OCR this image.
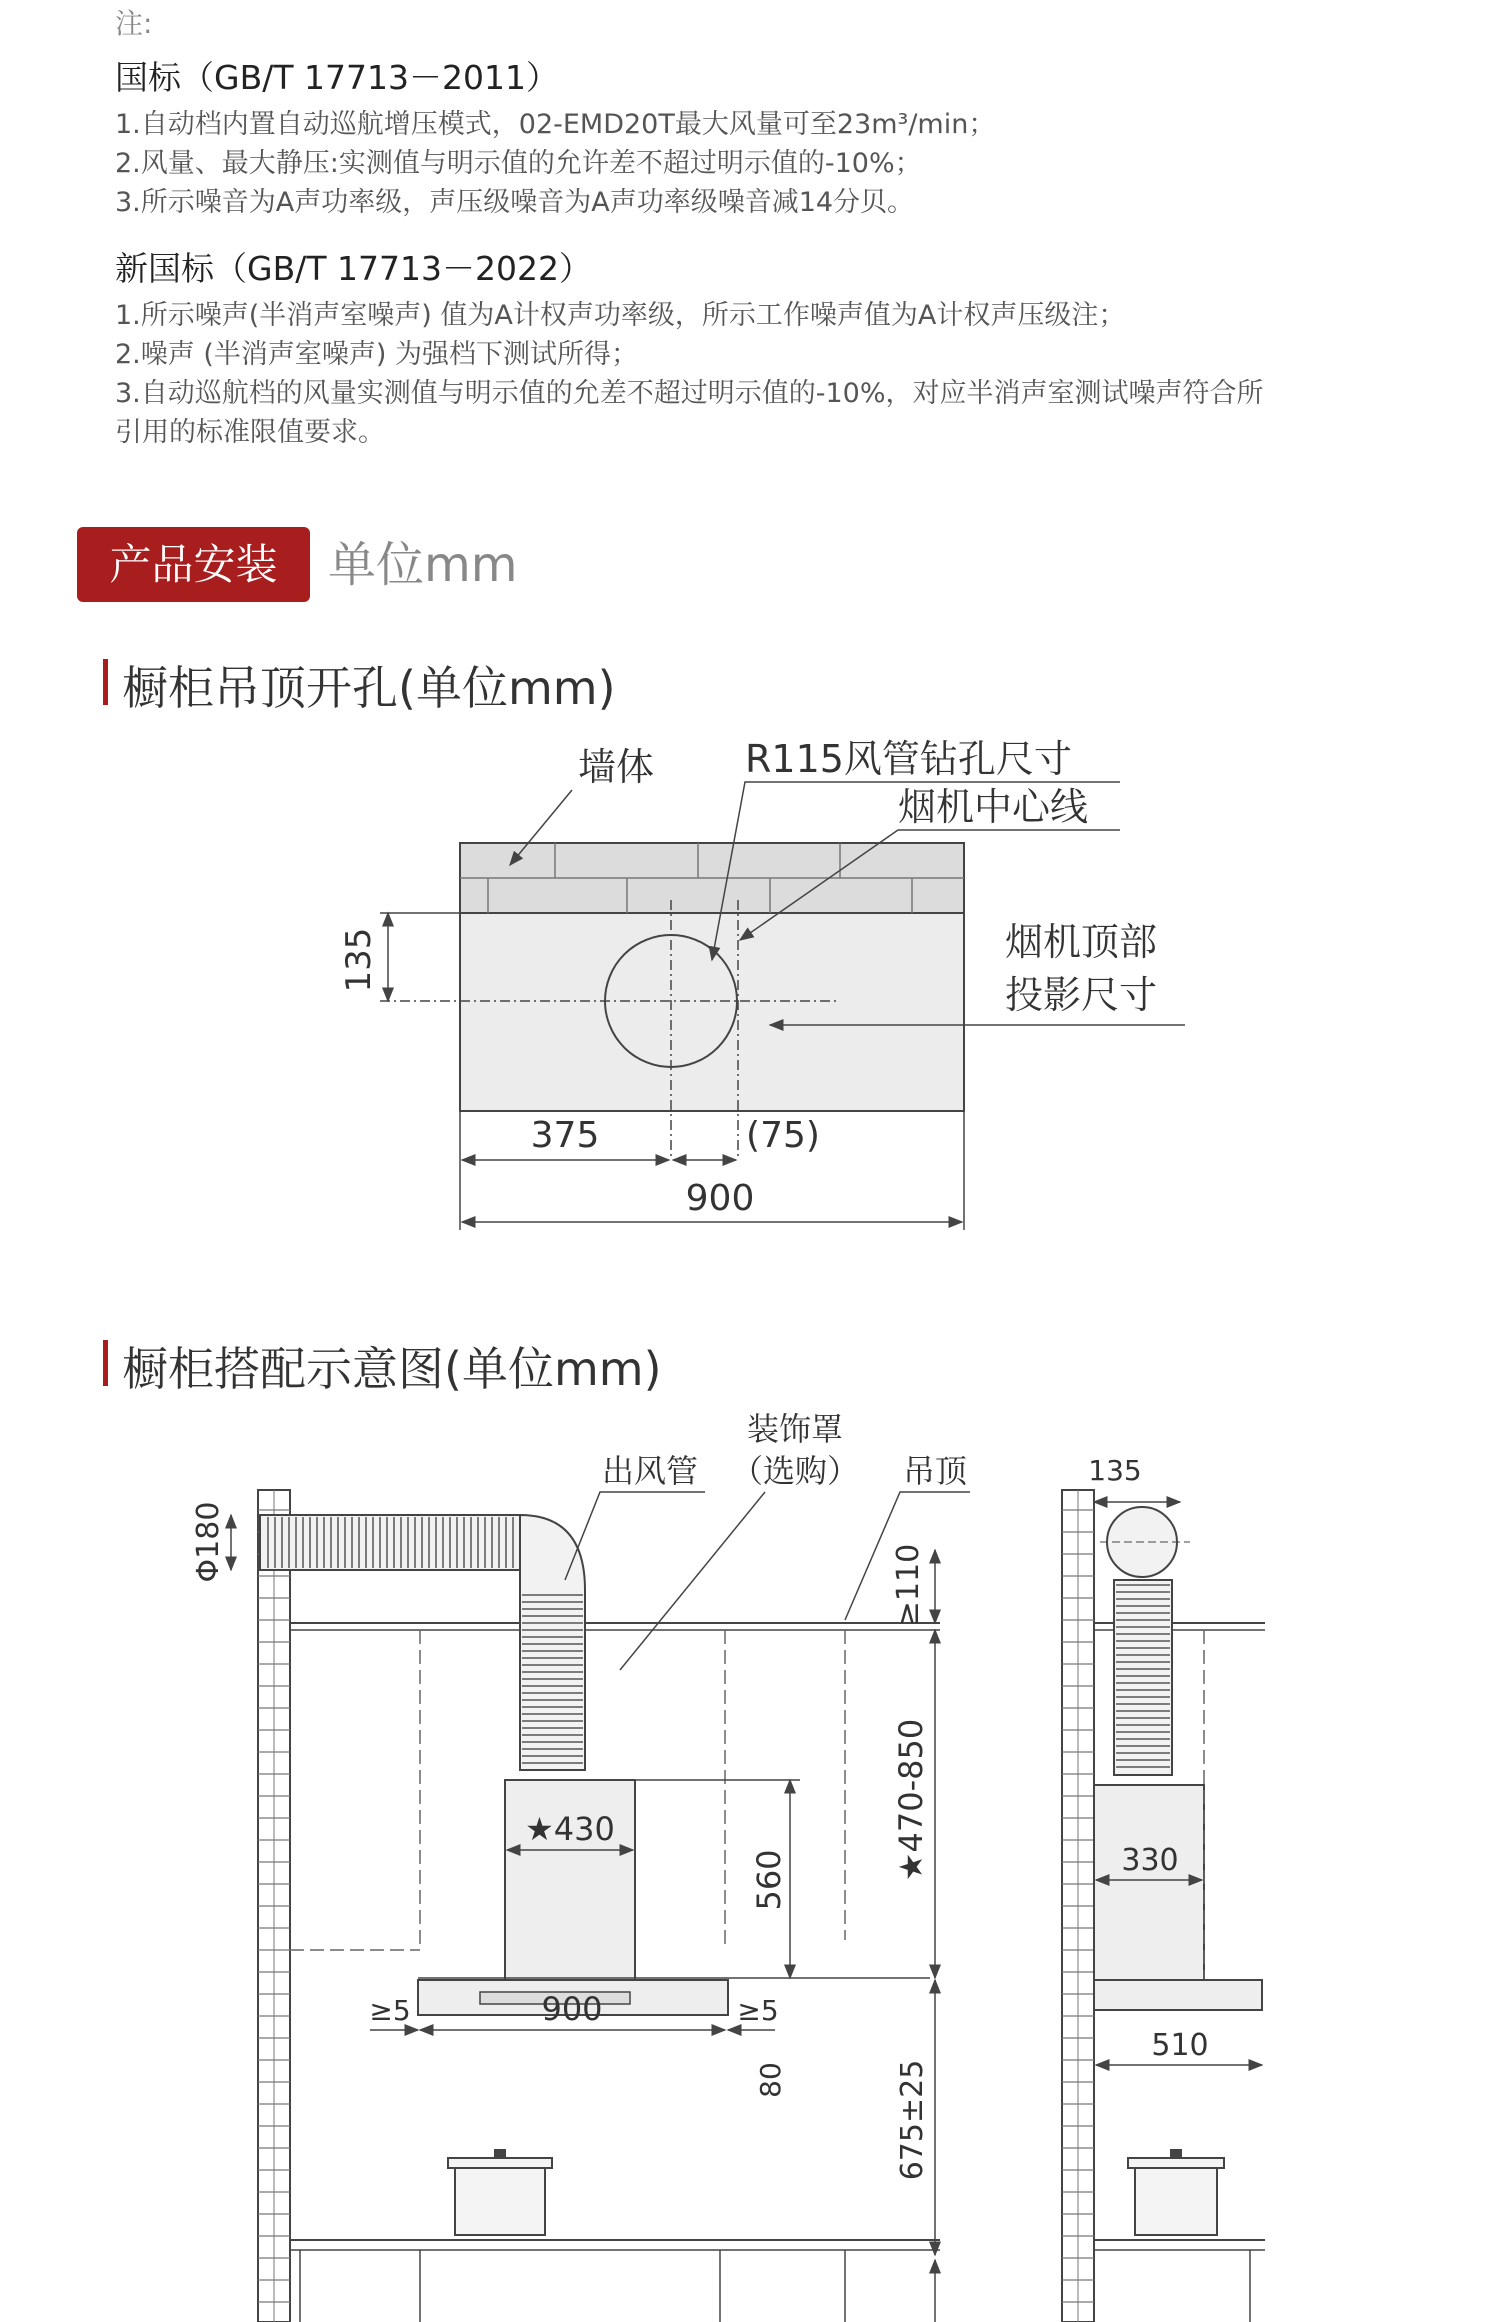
注:
国标（GB/T 17713－2011）
1.自动档内置自动巡航增压模式，02-EMD20T最大风量可至23m³/min；
2.风量、最大静压:实测值与明示值的允许差不超过明示值的-10%；
3.所示噪音为A声功率级，声压级噪音为A声功率级噪音减14分贝。
新国标（GB/T 17713－2022）
1.所示噪声(半消声室噪声) 值为A计权声功率级，所示工作噪声值为A计权声压级注；
2.噪声 (半消声室噪声) 为强档下测试所得；
3.自动巡航档的风量实测值与明示值的允差不超过明示值的-10%，对应半消声室测试噪声符合所
引用的标准限值要求。
产品安装	单位mm
橱柜吊顶开孔(单位mm)
135
375	(75)
900
墙体 R115风管钻孔尺寸
烟机中心线
烟机顶部
投影尺寸
橱柜搭配示意图(单位mm)
Φ180
★430
560
≥110
★470-850
900
≥5	≥5
80	675±25
装饰罩
（选购）
出风管	吊顶	135
330
510
